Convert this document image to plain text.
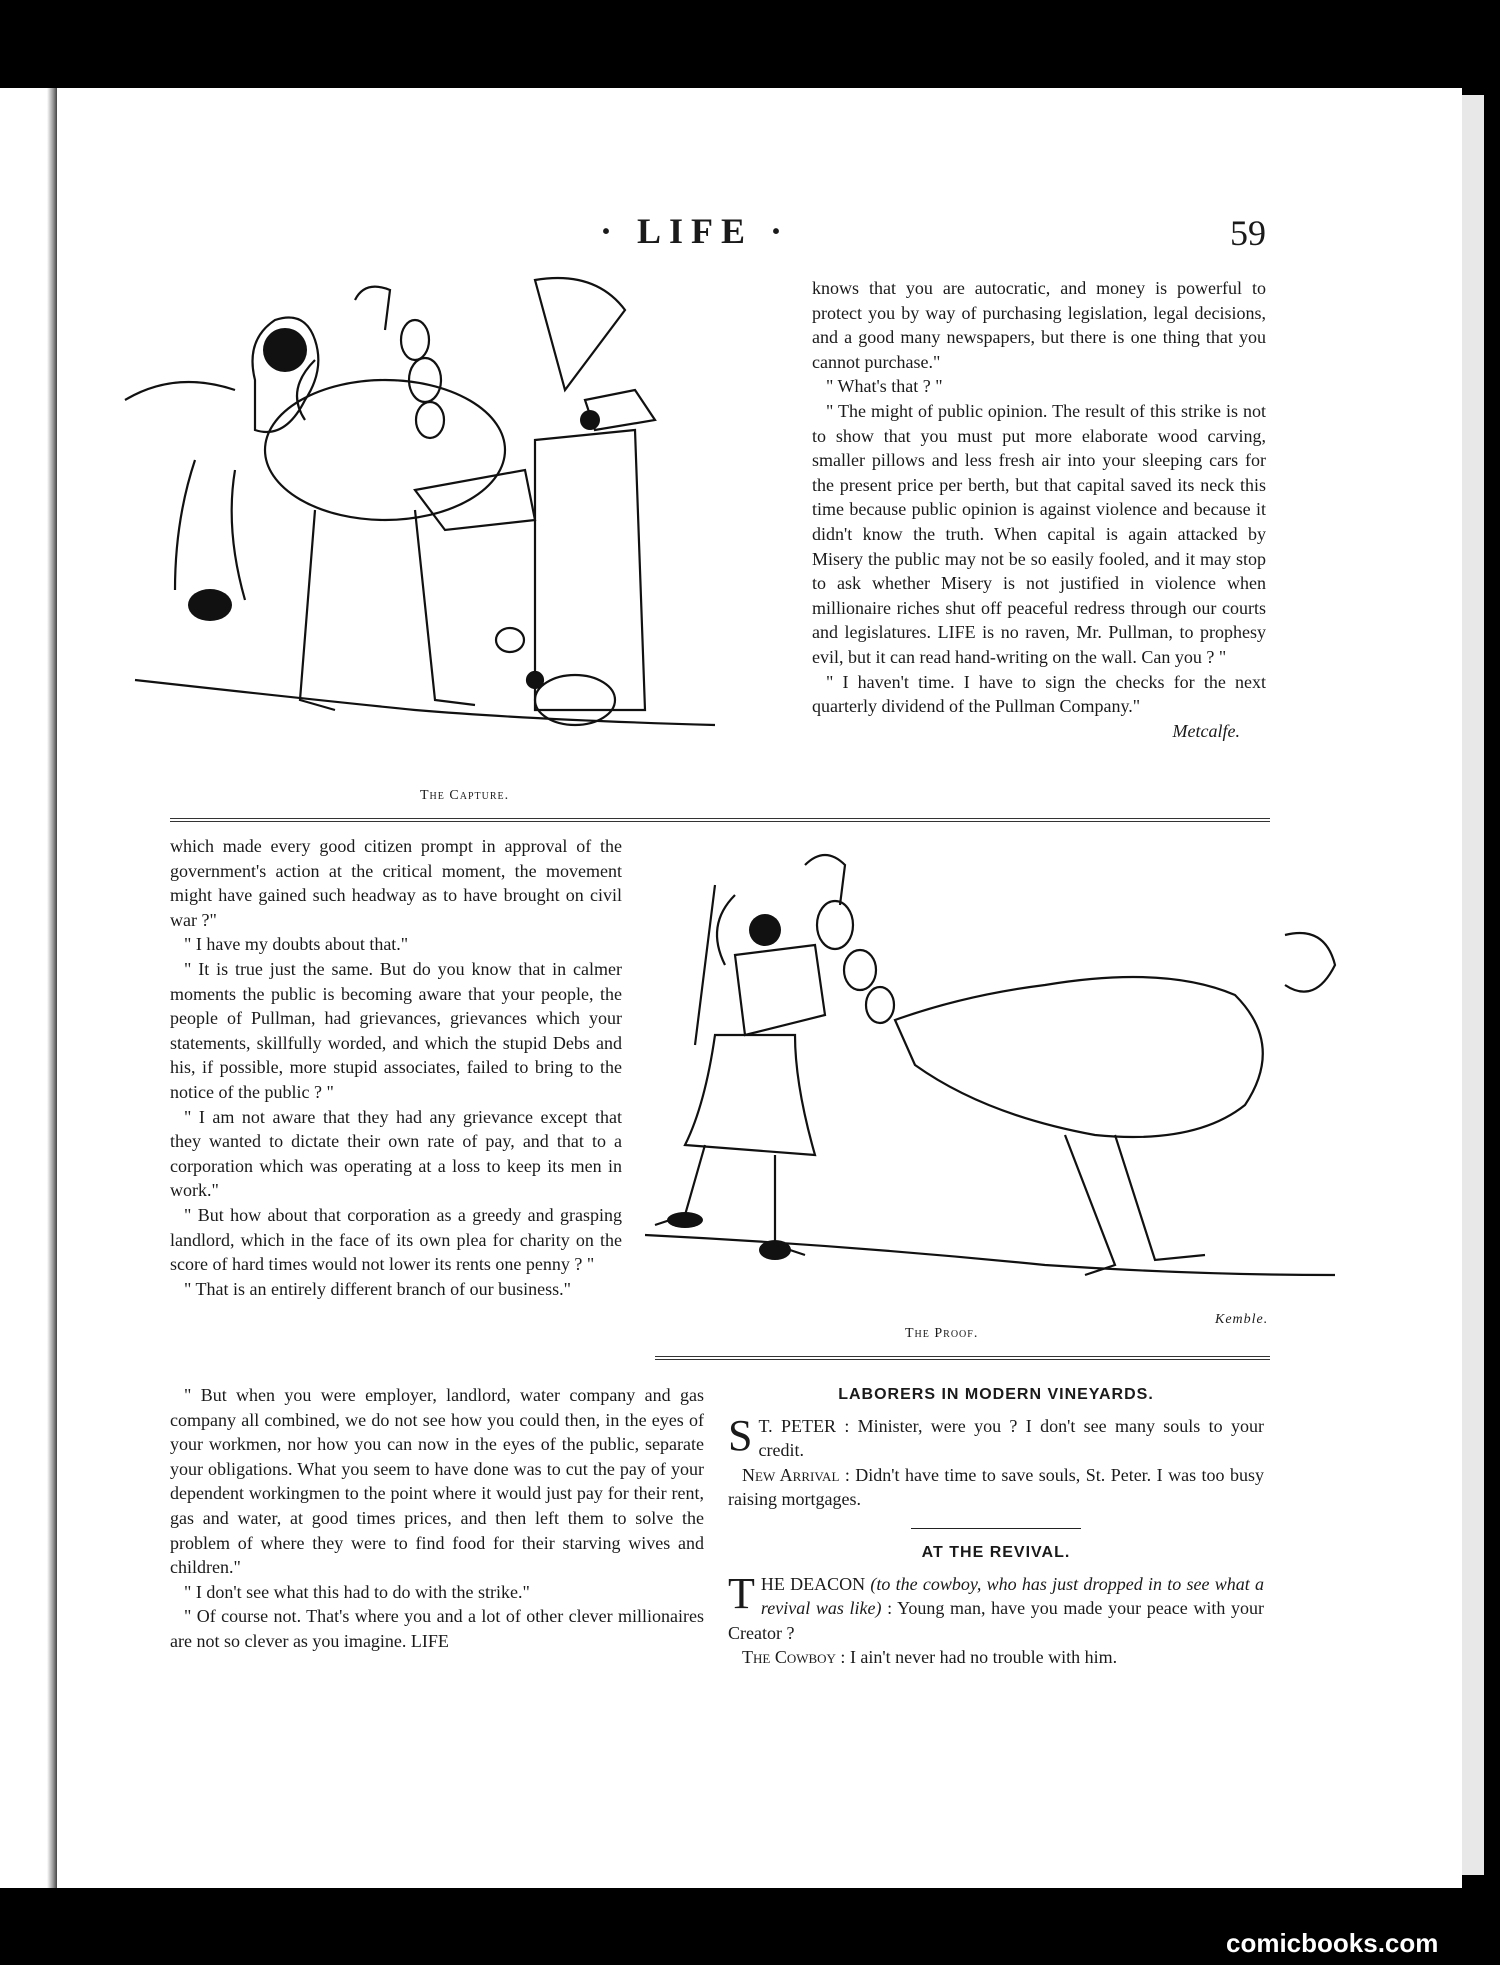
· LIFE ·	59
The Capture.

knows that you are autocratic, and money is powerful to protect you by way of purchasing legislation, legal decisions, and a good many newspapers, but there is one thing that you cannot purchase."

" What's that ? "

" The might of public opinion. The result of this strike is not to show that you must put more elaborate wood carving, smaller pillows and less fresh air into your sleeping cars for the present price per berth, but that capital saved its neck this time because public opinion is against violence and because it didn't know the truth. When capital is again attacked by Misery the public may not be so easily fooled, and it may stop to ask whether Misery is not justified in violence when millionaire riches shut off peaceful redress through our courts and legislatures. LIFE is no raven, Mr. Pullman, to prophesy evil, but it can read hand-writing on the wall. Can you ? "

" I haven't time. I have to sign the checks for the next quarterly dividend of the Pullman Company."

Metcalfe.

which made every good citizen prompt in approval of the government's action at the critical moment, the movement might have gained such headway as to have brought on civil war ?"

" I have my doubts about that."

" It is true just the same. But do you know that in calmer moments the public is becoming aware that your people, the people of Pullman, had grievances, grievances which your statements, skillfully worded, and which the stupid Debs and his, if possible, more stupid associates, failed to bring to the notice of the public ? "

" I am not aware that they had any grievance except that they wanted to dictate their own rate of pay, and that to a corporation which was operating at a loss to keep its men in work."

" But how about that corporation as a greedy and grasping landlord, which in the face of its own plea for charity on the score of hard times would not lower its rents one penny ? "

" That is an entirely different branch of our business."

The Proof.
Kemble.

" But when you were employer, landlord, water company and gas company all combined, we do not see how you could then, in the eyes of your workmen, nor how you can now in the eyes of the public, separate your obligations. What you seem to have done was to cut the pay of your dependent workingmen to the point where it would just pay for their rent, gas and water, at good times prices, and then left them to solve the problem of where they were to find food for their starving wives and children."

" I don't see what this had to do with the strike."

" Of course not. That's where you and a lot of other clever millionaires are not so clever as you imagine. LIFE

LABORERS IN MODERN VINEYARDS.
S T. PETER : Minister, were you ? I don't see many souls to your credit.

New Arrival : Didn't have time to save souls, St. Peter. I was too busy raising mortgages.

AT THE REVIVAL.
T HE DEACON (to the cowboy, who has just dropped in to see what a revival was like) : Young man, have you made your peace with your Creator ?

The Cowboy : I ain't never had no trouble with him.

comicbooks.com
